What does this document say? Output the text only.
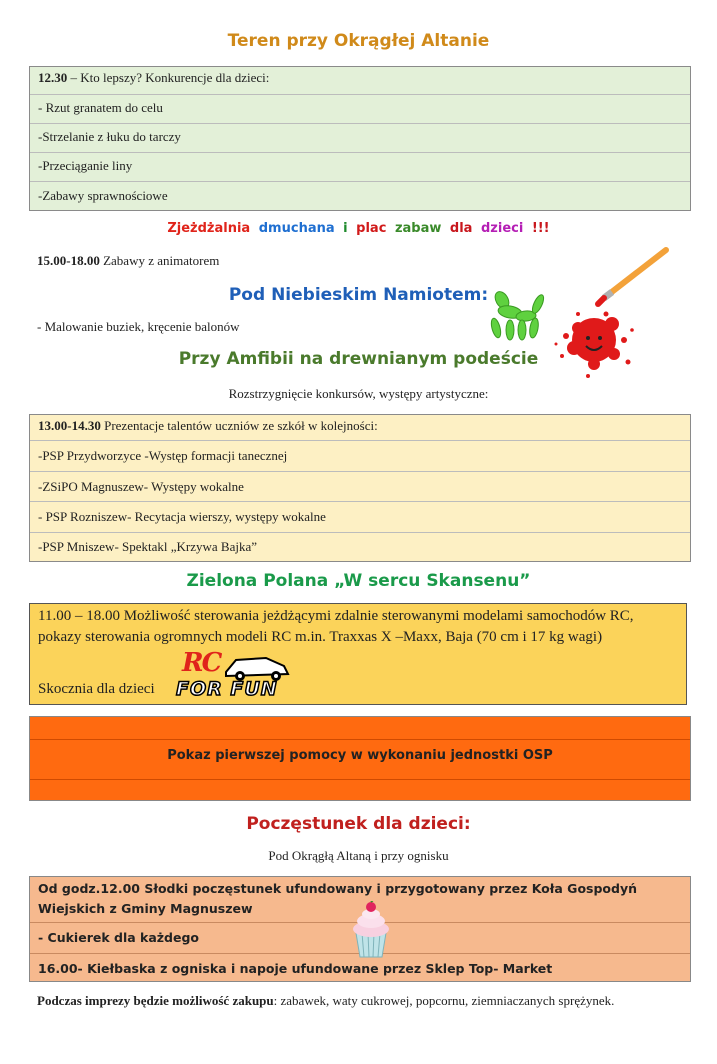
Teren przy Okrągłej Altanie
12.30 – Kto lepszy? Konkurencje dla dzieci:
- Rzut granatem do celu
-Strzelanie z łuku do tarczy
-Przeciąganie liny
-Zabawy sprawnościowe
Zjeżdżalnia dmuchana i plac zabaw dla dzieci !!!
15.00-18.00 Zabawy z animatorem
Pod Niebieskim Namiotem:
- Malowanie buziek, kręcenie balonów
Przy Amfibii na drewnianym podeście
Rozstrzygnięcie konkursów, występy artystyczne:
13.00-14.30 Prezentacje talentów uczniów ze szkół w kolejności:
-PSP Przydworzyce -Występ formacji tanecznej
-ZSiPO Magnuszew- Występy wokalne
- PSP Rozniszew- Recytacja wierszy, występy wokalne
-PSP Mniszew- Spektakl „Krzywa Bajka”
Zielona Polana „W sercu Skansenu”
11.00 – 18.00 Możliwość sterowania jeżdżącymi zdalnie sterowanymi modelami samochodów RC, pokazy sterowania ogromnych modeli RC m.in. Traxxas X –Maxx, Baja (70 cm i 17 kg wagi)
Skocznia dla dzieci
RC
FOR FUN
Pokaz pierwszej pomocy w wykonaniu jednostki OSP
Poczęstunek dla dzieci:
Pod Okrągłą Altaną i przy ognisku
Od godz.12.00 Słodki poczęstunek ufundowany i przygotowany przez Koła Gospodyń Wiejskich z Gminy Magnuszew
- Cukierek dla każdego
16.00- Kiełbaska z ogniska i napoje ufundowane przez Sklep Top- Market
Podczas imprezy będzie możliwość zakupu: zabawek, waty cukrowej, popcornu, ziemniaczanych sprężynek.
